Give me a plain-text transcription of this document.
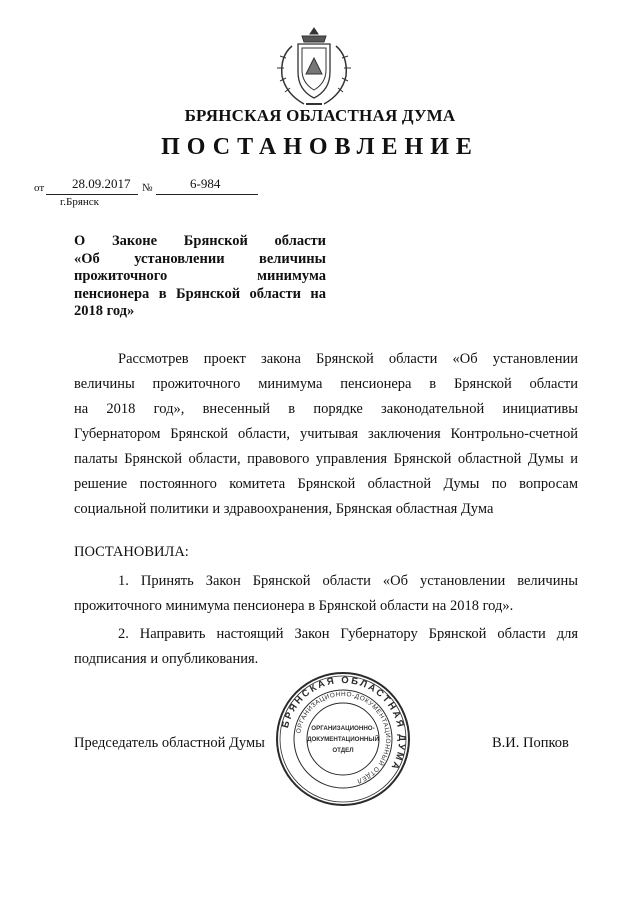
БРЯНСКАЯ ОБЛАСТНАЯ ДУМА
ПОСТАНОВЛЕНИЕ
от 28.09.2017 №	6-984
г.Брянск
О Законе Брянской области
«Об установлении величины
прожиточного минимума
пенсионера в Брянской области на
2018 год»
Рассмотрев проект закона Брянской области «Об установлении
величины прожиточного минимума пенсионера в Брянской области
на 2018 год», внесенный в порядке законодательной инициативы
Губернатором Брянской области, учитывая заключения Контрольно-счетной
палаты Брянской области, правового управления Брянской областной Думы и
решение постоянного комитета Брянской областной Думы по вопросам
социальной политики и здравоохранения, Брянская областная Дума
ПОСТАНОВИЛА:
1. Принять Закон Брянской области «Об установлении величины
прожиточного минимума пенсионера в Брянской области на 2018 год».
2. Направить настоящий Закон Губернатору Брянской области для
подписания и опубликования.
Председатель областной Думы	В.И. Попков
БРЯНСКАЯ ОБЛАСТНАЯ ДУМА
ОРГАНИЗАЦИОННО-ДОКУМЕНТАЦИОННЫЙ ОТДЕЛ
ОРГАНИЗАЦИОННО-
ДОКУМЕНТАЦИОННЫЙ
ОТДЕЛ
